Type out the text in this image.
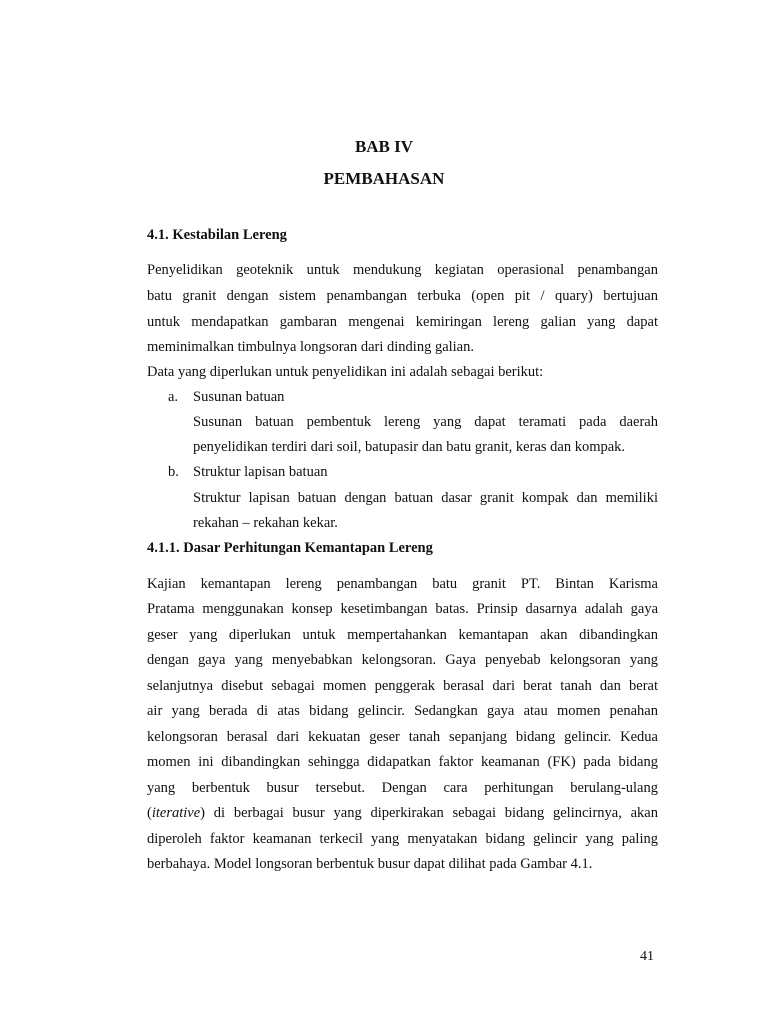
BAB IV

PEMBAHASAN

4.1. Kestabilan Lereng

Penyelidikan geoteknik untuk mendukung kegiatan operasional penambangan

batu granit dengan sistem penambangan terbuka (open pit / quary) bertujuan

untuk mendapatkan gambaran mengenai kemiringan lereng galian yang dapat

meminimalkan timbulnya longsoran dari dinding galian.

Data yang diperlukan untuk penyelidikan ini adalah sebagai berikut:

a. Susunan batuan

Susunan batuan pembentuk lereng yang dapat teramati pada daerah

penyelidikan terdiri dari soil, batupasir dan batu granit, keras dan kompak.

b. Struktur lapisan batuan

Struktur lapisan batuan dengan batuan dasar granit kompak dan memiliki

rekahan – rekahan kekar.

4.1.1. Dasar Perhitungan Kemantapan Lereng

Kajian kemantapan lereng penambangan batu granit PT. Bintan Karisma

Pratama menggunakan konsep kesetimbangan batas. Prinsip dasarnya adalah gaya

geser yang diperlukan untuk mempertahankan kemantapan akan dibandingkan

dengan gaya yang menyebabkan kelongsoran. Gaya penyebab kelongsoran yang

selanjutnya disebut sebagai momen penggerak berasal dari berat tanah dan berat

air yang berada di atas bidang gelincir. Sedangkan gaya atau momen penahan

kelongsoran berasal dari kekuatan geser tanah sepanjang bidang gelincir. Kedua

momen ini dibandingkan sehingga didapatkan faktor keamanan (FK) pada bidang

yang berbentuk busur tersebut. Dengan cara perhitungan berulang-ulang

(iterative) di berbagai busur yang diperkirakan sebagai bidang gelincirnya, akan

diperoleh faktor keamanan terkecil yang menyatakan bidang gelincir yang paling

berbahaya. Model longsoran berbentuk busur dapat dilihat pada Gambar 4.1.

41
